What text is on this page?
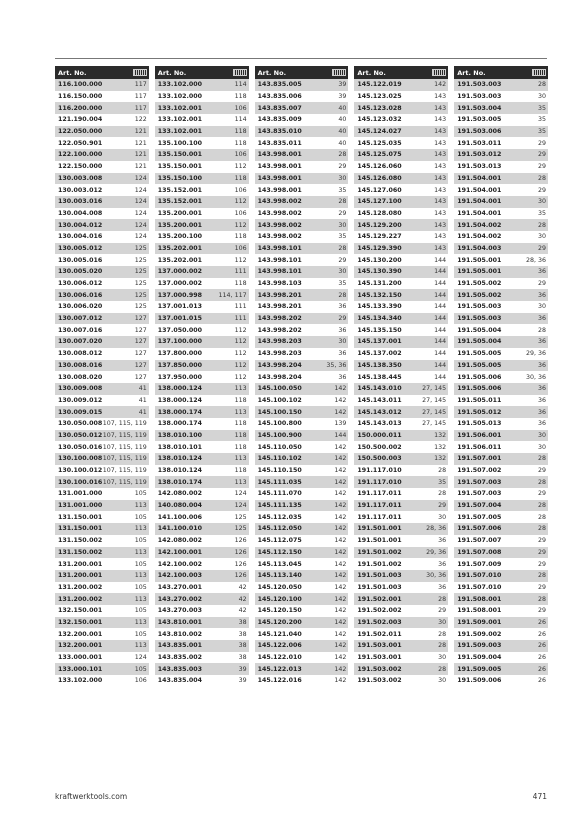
Art. No.
116.100.000	117
116.150.000	117
116.200.000	117
121.190.004	122
122.050.000	121
122.050.901	121
122.100.000	121
122.150.000	121
130.003.008	124
130.003.012	124
130.003.016	124
130.004.008	124
130.004.012	124
130.004.016	124
130.005.012	125
130.005.016	125
130.005.020	125
130.006.012	125
130.006.016	125
130.006.020	125
130.007.012	127
130.007.016	127
130.007.020	127
130.008.012	127
130.008.016	127
130.008.020	127
130.009.008	41
130.009.012	41
130.009.015	41
130.050.008 107, 115, 119
130.050.012 107, 115, 119
130.050.016 107, 115, 119
130.100.008 107, 115, 119
130.100.012 107, 115, 119
130.100.016 107, 115, 119
131.001.000	105
131.001.000	113
131.150.001	105
131.150.001	113
131.150.002	105
131.150.002	113
131.200.001	105
131.200.001	113
131.200.002	105
131.200.002	113
132.150.001	105
132.150.001	113
132.200.001	105
132.200.001	113
133.000.001	124
133.000.101	105
133.102.000	106
Art. No.
133.102.000	114
133.102.000	118
133.102.001	106
133.102.001	114
133.102.001	118
135.100.100	118
135.150.001	106
135.150.001	112
135.150.100	118
135.152.001	106
135.152.001	112
135.200.001	106
135.200.001	112
135.200.100	118
135.202.001	106
135.202.001	112
137.000.002	111
137.000.002	118
137.000.998	114, 117
137.001.013	111
137.001.015	111
137.050.000	112
137.100.000	112
137.800.000	112
137.850.000	112
137.950.000	112
138.000.124	113
138.000.124	118
138.000.174	113
138.000.174	118
138.010.100	118
138.010.101	118
138.010.124	113
138.010.124	118
138.010.174	113
142.080.002	124
140.080.004	124
141.100.006	125
141.100.010	125
142.080.002	126
142.100.001	126
142.100.002	126
142.100.003	126
143.270.001	42
143.270.002	42
143.270.003	42
143.810.001	38
143.810.002	38
143.835.001	38
143.835.002	38
143.835.003	39
143.835.004	39
Art. No.
143.835.005	39
143.835.006	39
143.835.007	40
143.835.009	40
143.835.010	40
143.835.011	40
143.998.001	28
143.998.001	29
143.998.001	30
143.998.001	35
143.998.002	28
143.998.002	29
143.998.002	30
143.998.002	35
143.998.101	28
143.998.101	29
143.998.101	30
143.998.103	35
143.998.201	28
143.998.201	36
143.998.202	29
143.998.202	36
143.998.203	30
143.998.203	36
143.998.204	35, 36
143.998.204	36
145.100.050	142
145.100.102	142
145.100.150	142
145.100.800	139
145.100.900	144
145.110.050	142
145.110.102	142
145.110.150	142
145.111.035	142
145.111.070	142
145.111.135	142
145.112.035	142
145.112.050	142
145.112.075	142
145.112.150	142
145.113.045	142
145.113.140	142
145.120.050	142
145.120.100	142
145.120.150	142
145.120.200	142
145.121.040	142
145.122.006	142
145.122.010	142
145.122.013	142
145.122.016	142
Art. No.
145.122.019	142
145.123.025	143
145.123.028	143
145.123.032	143
145.124.027	143
145.125.035	143
145.125.075	143
145.126.060	143
145.126.080	143
145.127.060	143
145.127.100	143
145.128.080	143
145.129.200	143
145.129.227	143
145.129.390	143
145.130.200	144
145.130.390	144
145.131.200	144
145.132.150	144
145.133.390	144
145.134.340	144
145.135.150	144
145.137.001	144
145.137.002	144
145.138.350	144
145.138.445	144
145.143.010	27, 145
145.143.011	27, 145
145.143.012	27, 145
145.143.013	27, 145
150.000.011	132
150.500.002	132
150.500.003	132
191.117.010	28
191.117.010	35
191.117.011	28
191.117.011	29
191.117.011	30
191.501.001	28, 36
191.501.001	36
191.501.002	29, 36
191.501.002	36
191.501.003	30, 36
191.501.003	36
191.502.001	28
191.502.002	29
191.502.003	30
191.502.011	28
191.503.001	28
191.503.001	30
191.503.002	28
191.503.002	30
Art. No.
191.503.003	28
191.503.003	30
191.503.004	35
191.503.005	35
191.503.006	35
191.503.011	29
191.503.012	29
191.503.013	29
191.504.001	28
191.504.001	29
191.504.001	30
191.504.001	35
191.504.002	28
191.504.002	30
191.504.003	29
191.505.001	28, 36
191.505.001	36
191.505.002	29
191.505.002	36
191.505.003	30
191.505.003	36
191.505.004	28
191.505.004	36
191.505.005	29, 36
191.505.005	36
191.505.006	30, 36
191.505.006	36
191.505.011	36
191.505.012	36
191.505.013	36
191.506.001	30
191.506.011	30
191.507.001	28
191.507.002	29
191.507.003	28
191.507.003	29
191.507.004	28
191.507.005	28
191.507.006	28
191.507.007	29
191.507.008	29
191.507.009	29
191.507.010	28
191.507.010	29
191.508.001	28
191.508.001	29
191.509.001	26
191.509.002	26
191.509.003	26
191.509.004	26
191.509.005	26
191.509.006	26
kraftwerktools.com	471
